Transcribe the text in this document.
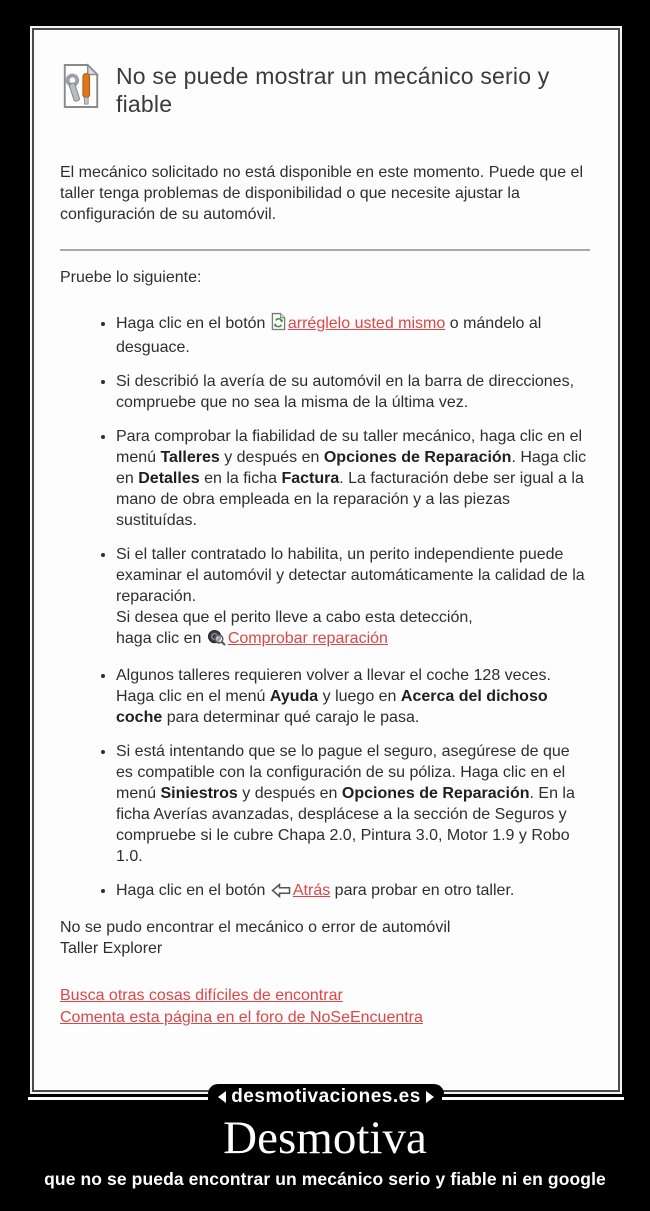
No se puede mostrar un mecánico serio y fiable

El mecánico solicitado no está disponible en este momento. Puede que el taller tenga problemas de disponibilidad o que necesite ajustar la configuración de su automóvil.

Pruebe lo siguiente:

• Haga clic en el botón arréglelo usted mismo o mándelo al desguace.
• Si describió la avería de su automóvil en la barra de direcciones, compruebe que no sea la misma de la última vez.
• Para comprobar la fiabilidad de su taller mecánico, haga clic en el menú Talleres y después en Opciones de Reparación. Haga clic en Detalles en la ficha Factura. La facturación debe ser igual a la mano de obra empleada en la reparación y a las piezas sustituídas.
• Si el taller contratado lo habilita, un perito independiente puede examinar el automóvil y detectar automáticamente la calidad de la reparación.
Si desea que el perito lleve a cabo esta detección,
haga clic en Comprobar reparación
• Algunos talleres requieren volver a llevar el coche 128 veces. Haga clic en el menú Ayuda y luego en Acerca del dichoso coche para determinar qué carajo le pasa.
• Si está intentando que se lo pague el seguro, asegúrese de que es compatible con la configuración de su póliza. Haga clic en el menú Siniestros y después en Opciones de Reparación. En la ficha Averías avanzadas, desplácese a la sección de Seguros y compruebe si le cubre Chapa 2.0, Pintura 3.0, Motor 1.9 y Robo 1.0.
• Haga clic en el botón Atrás para probar en otro taller.

No se pudo encontrar el mecánico o error de automóvil
Taller Explorer

Busca otras cosas difíciles de encontrar
Comenta esta página en el foro de NoSeEncuentra
desmotivaciones.es
Desmotiva
que no se pueda encontrar un mecánico serio y fiable ni en google
